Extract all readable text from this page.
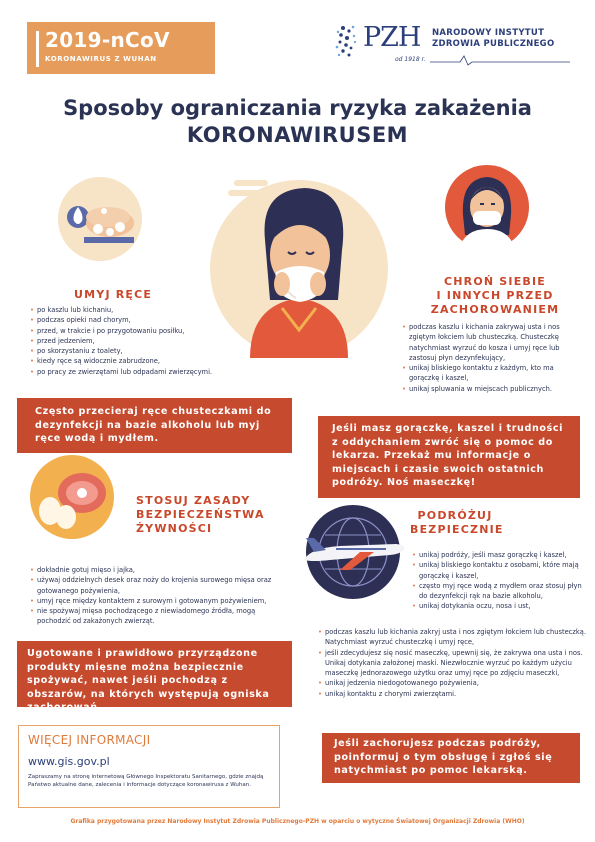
2019-nCoV
KORONAWIRUS Z WUHAN
PZH NARODOWY INSTYTUT
ZDROWIA PUBLICZNEGO
od 1918 r.
Sposoby ograniczania ryzyka zakażenia
KORONAWIRUSEM
UMYJ RĘCE
• po kaszlu lub kichaniu,
• podczas opieki nad chorym,
• przed, w trakcie i po przygotowaniu posiłku,
• przed jedzeniem,
• po skorzystaniu z toalety,
• kiedy ręce są widocznie zabrudzone,
• po pracy ze zwierzętami lub odpadami zwierzęcymi.
Często przecieraj ręce chusteczkami do dezynfekcji na bazie alkoholu lub myj ręce wodą i mydłem.
CHROŃ SIEBIE
I INNYCH PRZED
ZACHOROWANIEM
• podczas kaszlu i kichania zakrywaj usta i nos zgiętym łokciem lub chusteczką. Chusteczkę natychmiast wyrzuć do kosza i umyj ręce lub zastosuj płyn dezynfekujący,
• unikaj bliskiego kontaktu z każdym, kto ma gorączkę i kaszel,
• unikaj spluwania w miejscach publicznych.
Jeśli masz gorączkę, kaszel i trudności z oddychaniem zwróć się o pomoc do lekarza. Przekaż mu informacje o miejscach i czasie swoich ostatnich podróży. Noś maseczkę!
STOSUJ ZASADY
BEZPIECZEŃSTWA
ŻYWNOŚCI
• dokładnie gotuj mięso i jajka,
• używaj oddzielnych desek oraz noży do krojenia surowego mięsa oraz gotowanego pożywienia,
• umyj ręce między kontaktem z surowym i gotowanym pożywieniem,
• nie spożywaj mięsa pochodzącego z niewiadomego źródła, mogą pochodzić od zakażonych zwierząt.
Ugotowane i prawidłowo przyrządzone produkty mięsne można bezpiecznie spożywać, nawet jeśli pochodzą z obszarów, na których występują ogniska zachorowań.
PODRÓŻUJ
BEZPIECZNIE
• unikaj podróży, jeśli masz gorączkę i kaszel,
• unikaj bliskiego kontaktu z osobami, które mają gorączkę i kaszel,
• często myj ręce wodą z mydłem oraz stosuj płyn do dezynfekcji rąk na bazie alkoholu,
• unikaj dotykania oczu, nosa i ust,
• podczas kaszlu lub kichania zakryj usta i nos zgiętym łokciem lub chusteczką. Natychmiast wyrzuć chusteczkę i umyj ręce,
• jeśli zdecydujesz się nosić maseczkę, upewnij się, że zakrywa ona usta i nos. Unikaj dotykania założonej maski. Niezwłocznie wyrzuć po każdym użyciu maseczkę jednorazowego użytku oraz umyj ręce po zdjęciu maseczki,
• unikaj jedzenia niedogotowanego pożywienia,
• unikaj kontaktu z chorymi zwierzętami.
Jeśli zachorujesz podczas podróży, poinformuj o tym obsługę i zgłoś się natychmiast po pomoc lekarską.
WIĘCEJ INFORMACJI
www.gis.gov.pl
Zapraszamy na stronę internetową Głównego Inspektoratu Sanitarnego, gdzie znajdą Państwo aktualne dane, zalecenia i informacje dotyczące koronawirusa z Wuhan.
Grafika przygotowana przez Narodowy Instytut Zdrowia Publicznego-PZH w oparciu o wytyczne Światowej Organizacji Zdrowia (WHO)
